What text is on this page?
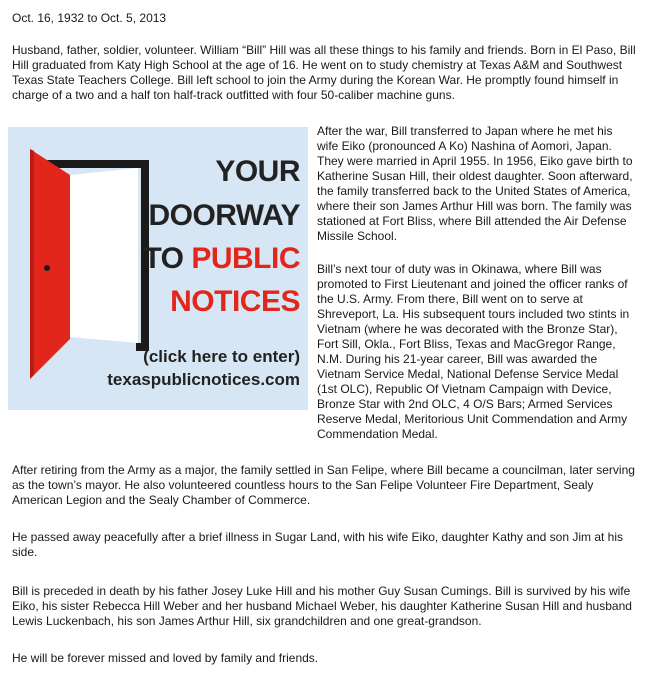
Oct. 16, 1932 to Oct. 5, 2013

Husband, father, soldier, volunteer. William “Bill” Hill was all these things to his family and friends. Born in El Paso, Bill Hill graduated from Katy High School at the age of 16. He went on to study chemistry at Texas A&M and Southwest Texas State Teachers College. Bill left school to join the Army during the Korean War. He promptly found himself in charge of a two and a half ton half-track outfitted with four 50-caliber machine guns.

YOUR
DOORWAY
TO PUBLIC
NOTICES
(click here to enter)
texaspublicnotices.com

After the war, Bill transferred to Japan where he met his wife Eiko (pronounced A Ko) Nashina of Aomori, Japan. They were married in April 1955. In 1956, Eiko gave birth to Katherine Susan Hill, their oldest daughter. Soon afterward, the family transferred back to the United States of America, where their son James Arthur Hill was born. The family was stationed at Fort Bliss, where Bill attended the Air Defense Missile School.

Bill’s next tour of duty was in Okinawa, where Bill was promoted to First Lieutenant and joined the officer ranks of the U.S. Army. From there, Bill went on to serve at Shreveport, La. His subsequent tours included two stints in Vietnam (where he was decorated with the Bronze Star), Fort Sill, Okla., Fort Bliss, Texas and MacGregor Range, N.M. During his 21-year career, Bill was awarded the Vietnam Service Medal, National Defense Service Medal (1st OLC), Republic Of Vietnam Campaign with Device, Bronze Star with 2nd OLC, 4 O/S Bars; Armed Services Reserve Medal, Meritorious Unit Commendation and Army Commendation Medal.

After retiring from the Army as a major, the family settled in San Felipe, where Bill became a councilman, later serving as the town’s mayor. He also volunteered countless hours to the San Felipe Volunteer Fire Department, Sealy American Legion and the Sealy Chamber of Commerce.

He passed away peacefully after a brief illness in Sugar Land, with his wife Eiko, daughter Kathy and son Jim at his side.

Bill is preceded in death by his father Josey Luke Hill and his mother Guy Susan Cumings. Bill is survived by his wife Eiko, his sister Rebecca Hill Weber and her husband Michael Weber, his daughter Katherine Susan Hill and husband Lewis Luckenbach, his son James Arthur Hill, six grandchildren and one great-grandson.

He will be forever missed and loved by family and friends.
